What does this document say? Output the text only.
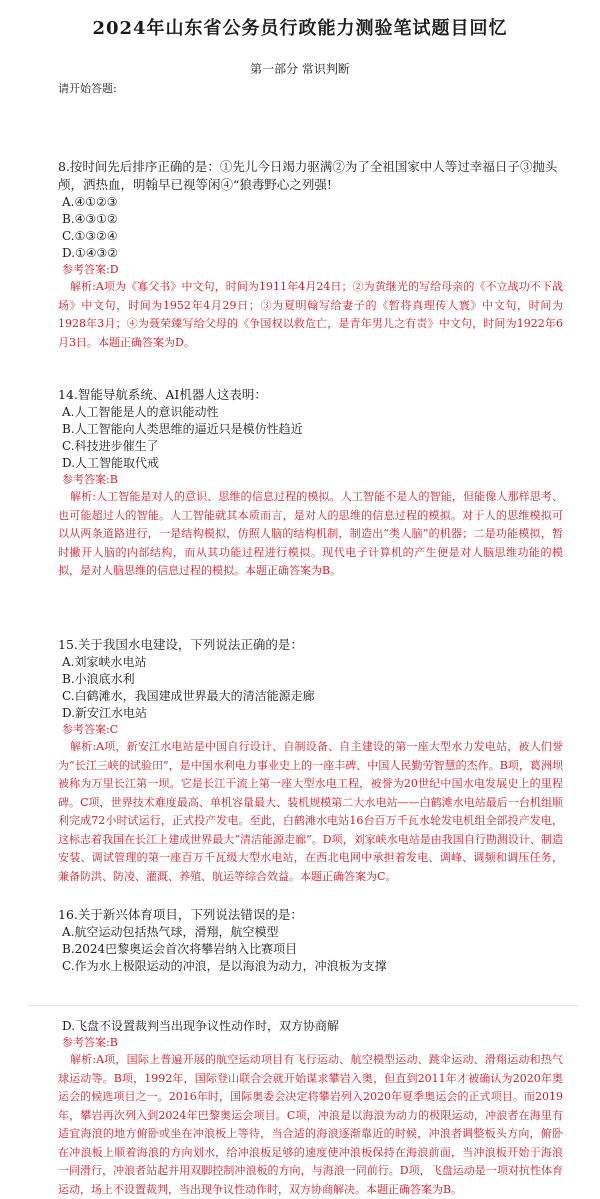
2024年山东省公务员行政能力测验笔试题目回忆
第一部分 常识判断
请开始答题:

8.按时间先后排序正确的是：①先儿今日竭力驱满②为了全祖国家中人等过幸福日子③抛头颅，洒热血，明翰早已视等闲④“狼毒野心之列强!

A.④①②③

B.④③①②

C.①③②④

D.①④③②

参考答案:D

解析:A项为《寡父书》中文句，时间为1911年4月24日；②为黄继光的写给母亲的《不立战功不下战场》中文句，时间为1952年4月29日；③为夏明翰写给妻子的《暂将真理传人寰》中文句，时间为1928年3月；④为聂荣臻写给父母的《争国权以救危亡，是青年男儿之有责》中文句，时间为1922年6月3日。本题正确答案为D。

14.智能导航系统、AI机器人这表明：

A.人工智能是人的意识能动性

B.人工智能向人类思维的逼近只是模仿性趋近

C.科技进步催生了

D.人工智能取代戒

参考答案:B

解析:人工智能是对人的意识、思维的信息过程的模拟。人工智能不是人的智能，但能像人那样思考、也可能超过人的智能。人工智能就其本质而言，是对人的思维的信息过程的模拟。对于人的思维模拟可以从两条道路进行，一是结构模拟，仿照人脑的结构机制，制造出“类人脑”的机器；二是功能模拟，暂时撇开人脑的内部结构，而从其功能过程进行模拟。现代电子计算机的产生便是对人脑思维功能的模拟，是对人脑思维的信息过程的模拟。本题正确答案为B。

15.关于我国水电建设，下列说法正确的是：

A.刘家峡水电站

B.小浪底水利

C.白鹤滩水，我国建成世界最大的清洁能源走廊

D.新安江水电站

参考答案:C

解析:A项，新安江水电站是中国自行设计、自制设备、自主建设的第一座大型水力发电站，被人们誉为“长江三峡的试验田”，是中国水利电力事业史上的一座丰碑、中国人民勤劳智慧的杰作。B项，葛洲坝被称为万里长江第一坝。它是长江干流上第一座大型水电工程，被誉为20世纪中国水电发展史上的里程碑。C项，世界技术难度最高、单机容量最大、装机规模第二大水电站——白鹤滩水电站最后一台机组顺利完成72小时试运行，正式投产发电。至此，白鹤滩水电站16台百万千瓦水轮发电机组全部投产发电，这标志着我国在长江上建成世界最大“清洁能源走廊”。D项，刘家峡水电站是由我国自行勘测设计、制造安装、调试管理的第一座百万千瓦级大型水电站，在西北电网中承担着发电、调峰、调频和调压任务，兼备防洪、防凌、灌溉、养殖、航运等综合效益。本题正确答案为C。

16.关于新兴体育项目，下列说法错误的是：

A.航空运动包括热气球，滑翔，航空模型

B.2024巴黎奥运会首次将攀岩纳入比赛项目

C.作为水上极限运动的冲浪，是以海浪为动力，冲浪板为支撑

D.飞盘不设置裁判当出现争议性动作时，双方协商解

参考答案:B

解析:A项，国际上普遍开展的航空运动项目有飞行运动、航空模型运动、跳伞运动、滑翔运动和热气球运动等。B项，1992年，国际登山联合会就开始谋求攀岩入奥，但直到2011年才被确认为2020年奥运会的候选项目之一。2016年时，国际奥委会决定将攀岩列入2020年夏季奥运会的正式项目。而2019年，攀岩再次列入到2024年巴黎奥运会项目。C项，冲浪是以海浪为动力的极限运动，冲浪者在海里有适宜海浪的地方俯卧或坐在冲浪板上等待，当合适的海浪逐渐靠近的时候，冲浪者调整板头方向，俯卧在冲浪板上顺着海浪的方向划水，给冲浪板足够的速度使冲浪板保持在海浪前面，当冲浪板开始于海浪一同滑行，冲浪者站起并用双脚控制冲浪板的方向，与海浪一同前行。D项，飞盘运动是一项对抗性体育运动，场上不设置裁判，当出现争议性动作时，双方协商解决。本题正确答案为B。
